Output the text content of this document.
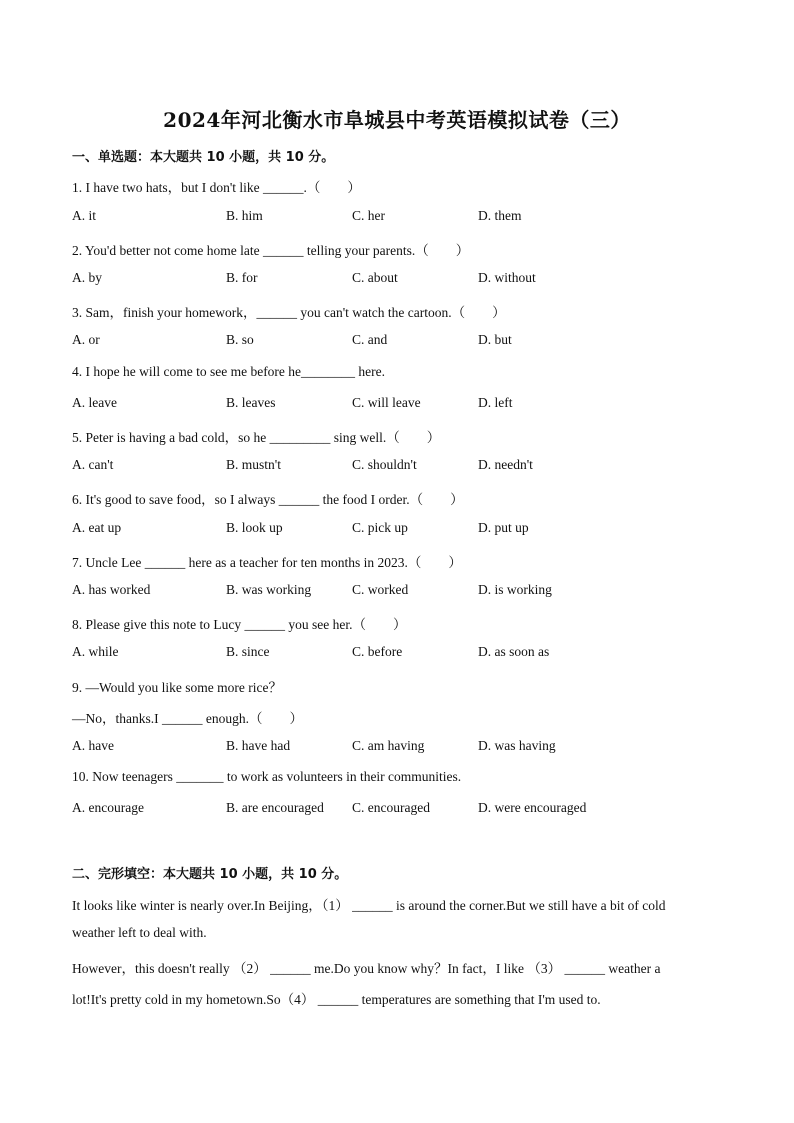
2024年河北衡水市阜城县中考英语模拟试卷（三）
一、单选题：本大题共 10 小题，共 10 分。
1. I have two hats，but I don't like ______.（　　）
A. it	B. him	C. her	D. them
2. You'd better not come home late ______ telling your parents.（　　）
A. by	B. for	C. about	D. without
3. Sam，finish your homework，______ you can't watch the cartoon.（　　）
A. or	B. so	C. and	D. but
4. I hope he will come to see me before he________ here.
A. leave	B. leaves	C. will leave	D. left
5. Peter is having a bad cold，so he _________ sing well.（　　）
A. can't	B. mustn't	C. shouldn't	D. needn't
6. It's good to save food，so I always ______ the food I order.（　　）
A. eat up	B. look up	C. pick up	D. put up
7. Uncle Lee ______ here as a teacher for ten months in 2023.（　　）
A. has worked	B. was working	C. worked	D. is working
8. Please give this note to Lucy ______ you see her.（　　）
A. while	B. since	C. before	D. as soon as
9. —Would you like some more rice？
—No，thanks.I ______ enough.（　　）
A. have	B. have had	C. am having	D. was having
10. Now teenagers _______ to work as volunteers in their communities.
A. encourage	B. are encouraged C. encouraged	D. were encouraged
二、完形填空：本大题共 10 小题，共 10 分。
It looks like winter is nearly over.In Beijing，（1） ______ is around the corner.But we still have a bit of cold
weather left to deal with.
However，this doesn't really （2） ______ me.Do you know why？In fact，I like （3） ______ weather a
lot!It's pretty cold in my hometown.So（4） ______ temperatures are something that I'm used to.
